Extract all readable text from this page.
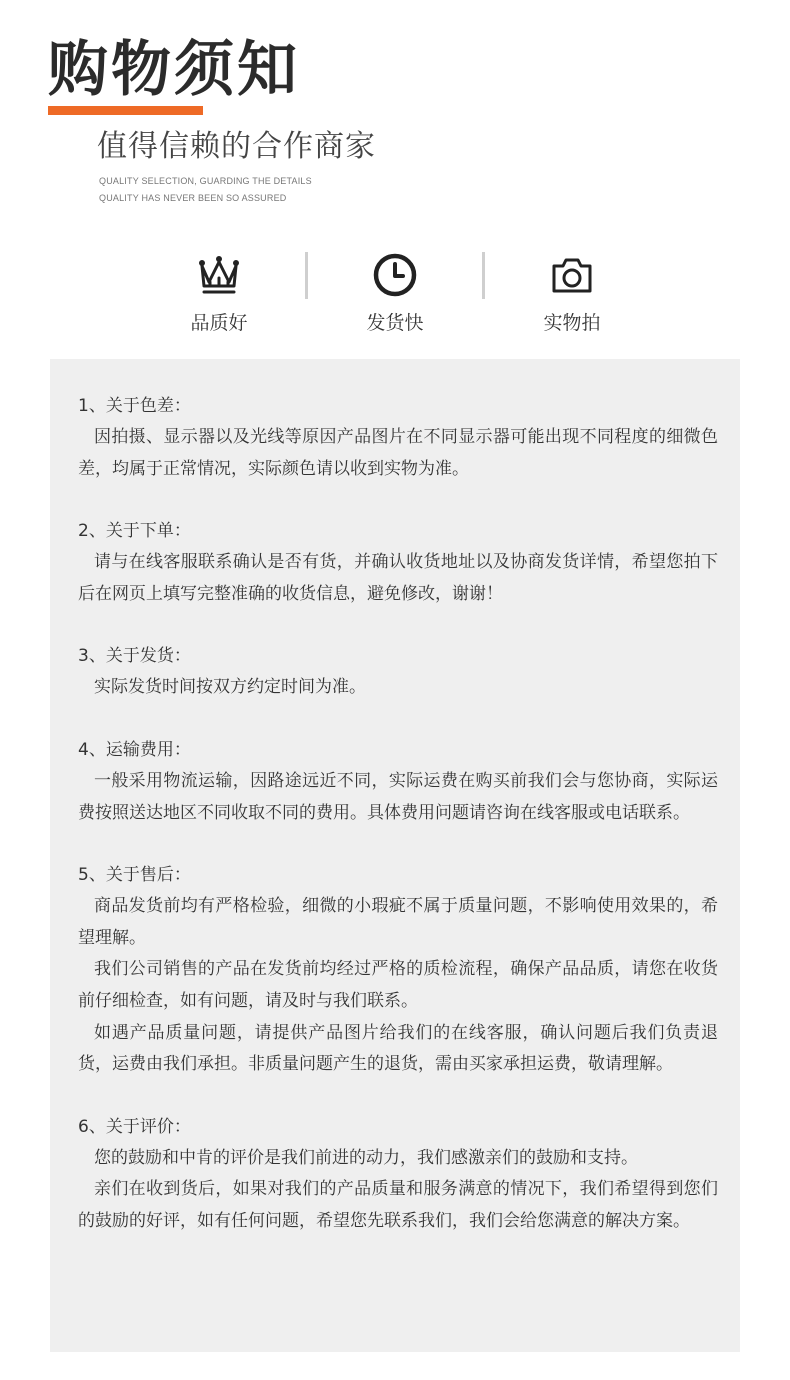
购物须知
值得信赖的合作商家
QUALITY SELECTION, GUARDING THE DETAILS
QUALITY HAS NEVER BEEN SO ASSURED
品质好	发货快	实物拍
1、关于色差：

因拍摄、显示器以及光线等原因产品图片在不同显示器可能出现不同程度的细微色差，均属于正常情况，实际颜色请以收到实物为准。

2、关于下单：

请与在线客服联系确认是否有货，并确认收货地址以及协商发货详情，希望您拍下后在网页上填写完整准确的收货信息，避免修改，谢谢！

3、关于发货：

实际发货时间按双方约定时间为准。

4、运输费用：

一般采用物流运输，因路途远近不同，实际运费在购买前我们会与您协商，实际运费按照送达地区不同收取不同的费用。具体费用问题请咨询在线客服或电话联系。

5、关于售后：

商品发货前均有严格检验，细微的小瑕疵不属于质量问题，不影响使用效果的，希望理解。

我们公司销售的产品在发货前均经过严格的质检流程，确保产品品质，请您在收货前仔细检查，如有问题，请及时与我们联系。

如遇产品质量问题，请提供产品图片给我们的在线客服，确认问题后我们负责退货，运费由我们承担。非质量问题产生的退货，需由买家承担运费，敬请理解。

6、关于评价：

您的鼓励和中肯的评价是我们前进的动力，我们感激亲们的鼓励和支持。

亲们在收到货后，如果对我们的产品质量和服务满意的情况下，我们希望得到您们的鼓励的好评，如有任何问题，希望您先联系我们，我们会给您满意的解决方案。
